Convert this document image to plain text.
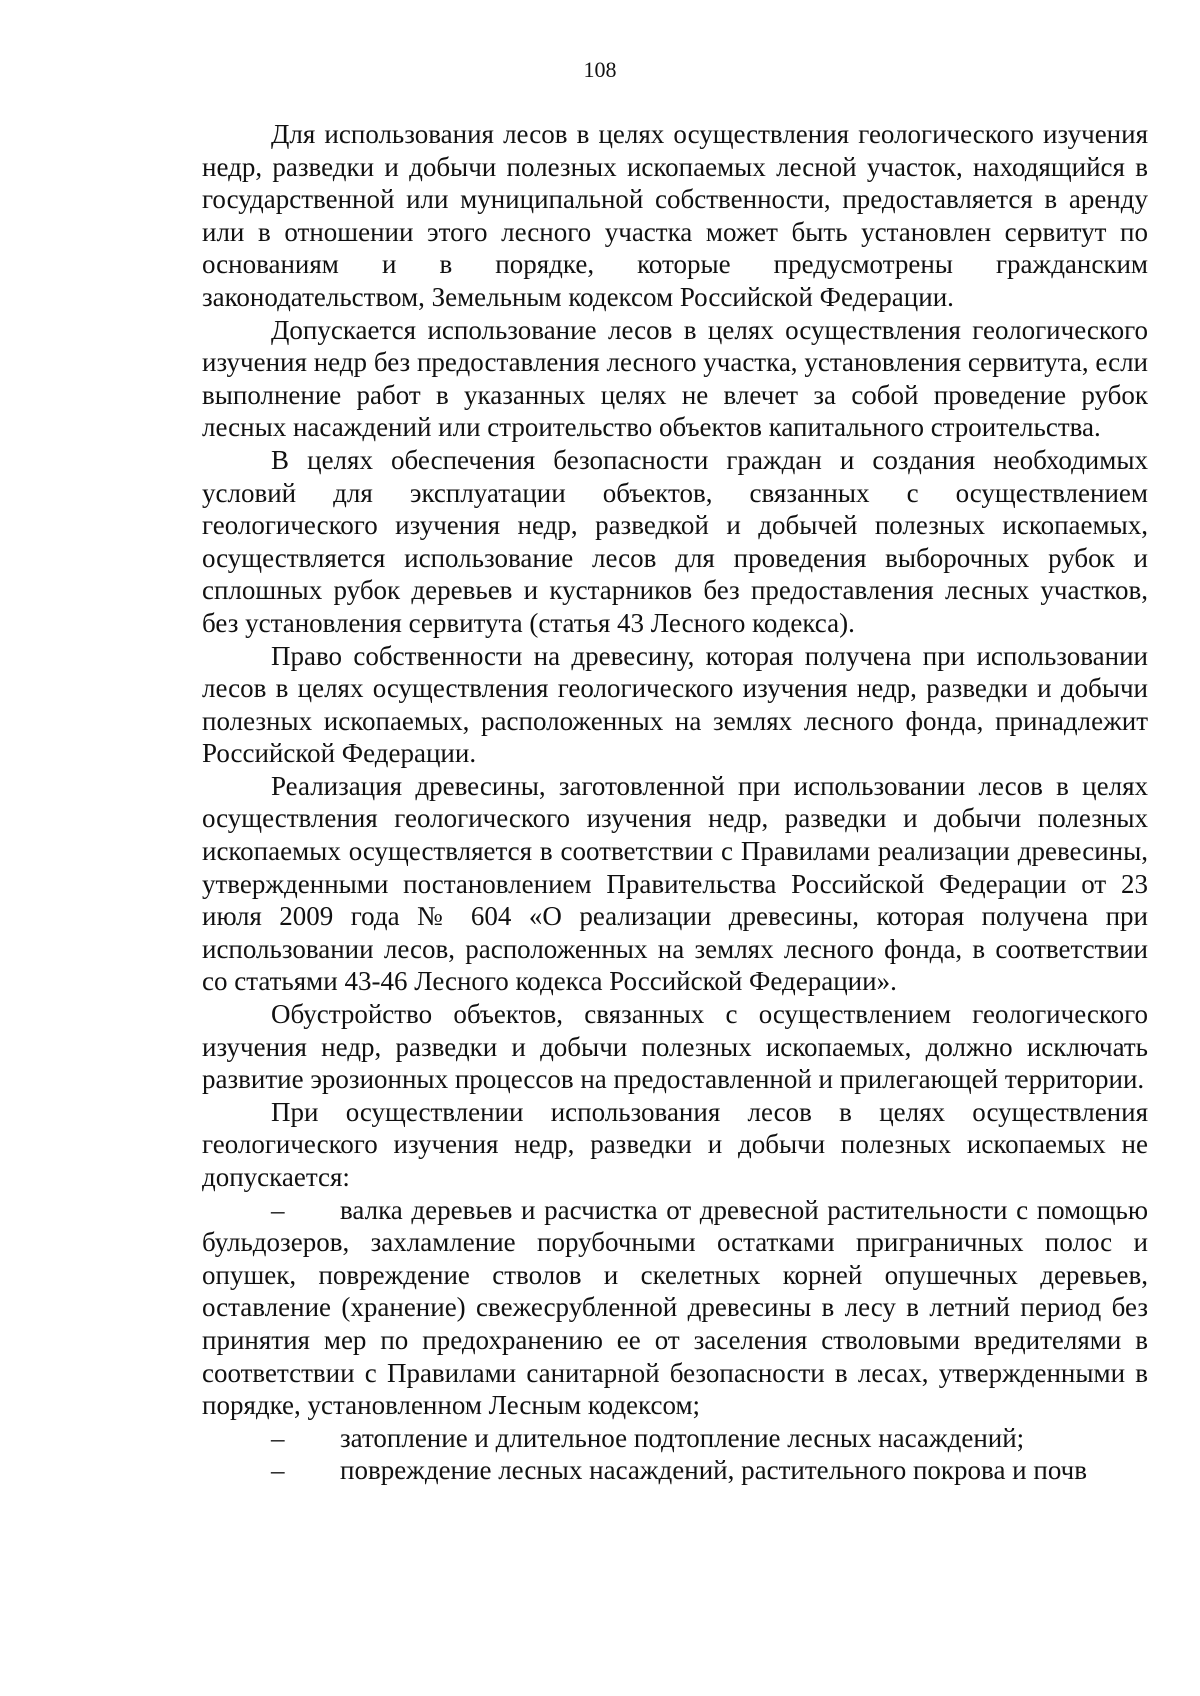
108

Для использования лесов в целях осуществления геологического изучения недр, разведки и добычи полезных ископаемых лесной участок, находящийся в государственной или муниципальной собственности, предоставляется в аренду или в отношении этого лесного участка может быть установлен сервитут по основаниям и в порядке, которые предусмотрены гражданским законодательством, Земельным кодексом Российской Федерации.

Допускается использование лесов в целях осуществления геологического изучения недр без предоставления лесного участка, установления сервитута, если выполнение работ в указанных целях не влечет за собой проведение рубок лесных насаждений или строительство объектов капитального строительства.

В целях обеспечения безопасности граждан и создания необходимых условий для эксплуатации объектов, связанных с осуществлением геологического изучения недр, разведкой и добычей полезных ископаемых, осуществляется использование лесов для проведения выборочных рубок и сплошных рубок деревьев и кустарников без предоставления лесных участков, без установления сервитута (статья 43 Лесного кодекса).

Право собственности на древесину, которая получена при использовании лесов в целях осуществления геологического изучения недр, разведки и добычи полезных ископаемых, расположенных на землях лесного фонда, принадлежит Российской Федерации.

Реализация древесины, заготовленной при использовании лесов в целях осуществления геологического изучения недр, разведки и добычи полезных ископаемых осуществляется в соответствии с Правилами реализации древесины, утвержденными постановлением Правительства Российской Федерации от 23 июля 2009 года № 604 «О реализации древесины, которая получена при использовании лесов, расположенных на землях лесного фонда, в соответствии со статьями 43-46 Лесного кодекса Российской Федерации».

Обустройство объектов, связанных с осуществлением геологического изучения недр, разведки и добычи полезных ископаемых, должно исключать развитие эрозионных процессов на предоставленной и прилегающей территории.

При осуществлении использования лесов в целях осуществления геологического изучения недр, разведки и добычи полезных ископаемых не допускается:

– валка деревьев и расчистка от древесной растительности с помощью бульдозеров, захламление порубочными остатками приграничных полос и опушек, повреждение стволов и скелетных корней опушечных деревьев, оставление (хранение) свежесрубленной древесины в лесу в летний период без принятия мер по предохранению ее от заселения стволовыми вредителями в соответствии с Правилами санитарной безопасности в лесах, утвержденными в порядке, установленном Лесным кодексом;

– затопление и длительное подтопление лесных насаждений;

– повреждение лесных насаждений, растительного покрова и почв
